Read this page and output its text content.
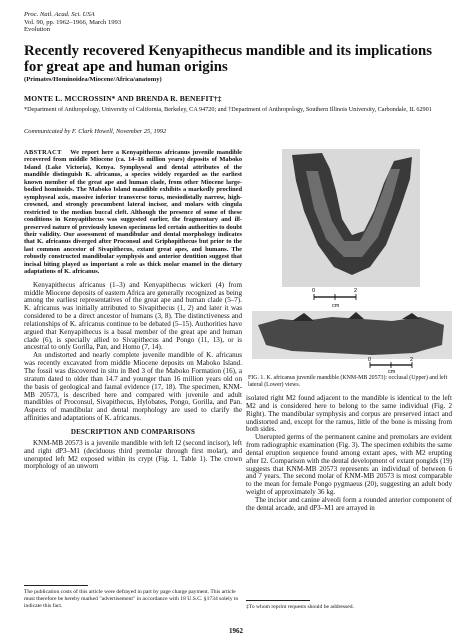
Proc. Natl. Acad. Sci. USA
Vol. 90, pp. 1962–1966, March 1993
Evolution
Recently recovered Kenyapithecus mandible and its implications for great ape and human origins
(Primates/Hominoidea/Miocene/Africa/anatomy)
MONTE L. MCCROSSIN* AND BRENDA R. BENEFIT†‡
*Department of Anthropology, University of California, Berkeley, CA 94720; and †Department of Anthropology, Southern Illinois University, Carbondale, IL 62901
Communicated by F. Clark Howell, November 25, 1992

ABSTRACT We report here a Kenyapithecus africanus juvenile mandible recovered from middle Miocene (ca. 14–16 million years) deposits of Maboko Island (Lake Victoria), Kenya. Symphyseal and dental attributes of the mandible distinguish K. africanus, a species widely regarded as the earliest known member of the great ape and human clade, from other Miocene large-bodied hominoids. The Maboko Island mandible exhibits a markedly proclined symphyseal axis, massive inferior transverse torus, mesiodistally narrow, high-crowned, and strongly procumbent lateral incisor, and molars with cingula restricted to the median buccal cleft. Although the presence of some of these conditions in Kenyapithecus was suggested earlier, the fragmentary and ill-preserved nature of previously known specimens led certain authorities to doubt their validity. Our assessment of mandibular and dental morphology indicates that K. africanus diverged after Proconsul and Griphopithecus but prior to the last common ancestor of Sivapithecus, extant great apes, and humans. The robustly constructed mandibular symphysis and anterior dentition suggest that incisal biting played as important a role as thick molar enamel in the dietary adaptations of K. africanus.

Kenyapithecus africanus (1–3) and Kenyapithecus wickeri (4) from middle Miocene deposits of eastern Africa are generally recognized as being among the earliest representatives of the great ape and human clade (5–7). K. africanus was initially attributed to Sivapithecus (1, 2) and later it was considered to be a direct ancestor of humans (3, 8). The distinctiveness and relationships of K. africanus continue to be debated (5–15). Authorities have argued that Kenyapithecus is a basal member of the great ape and human clade (6), is specially allied to Sivapithecus and Pongo (11, 13), or is ancestral to only Gorilla, Pan, and Homo (7, 14).

An undistorted and nearly complete juvenile mandible of K. africanus was recently excavated from middle Miocene deposits on Maboko Island. The fossil was discovered in situ in Bed 3 of the Maboko Formation (16), a stratum dated to older than 14.7 and younger than 16 million years old on the basis of geological and faunal evidence (17, 18). The specimen, KNM-MB 20573, is described here and compared with juvenile and adult mandibles of Proconsul, Sivapithecus, Hylobates, Pongo, Gorilla, and Pan. Aspects of mandibular and dental morphology are used to clarify the affinities and adaptations of K. africanus.

DESCRIPTION AND COMPARISONS

KNM-MB 20573 is a juvenile mandible with left I2 (second incisor), left and right dP3–M1 (deciduous third premolar through first molar), and unerupted left M2 exposed within its crypt (Fig. 1, Table 1). The crown morphology of an unworn

0	2
cm
0	2
cm
FIG. 1. K. africanus juvenile mandible (KNM-MB 20573): occlusal (Upper) and left lateral (Lower) views.

isolated right M2 found adjacent to the mandible is identical to the left M2 and is considered here to belong to the same individual (Fig. 2 Right). The mandibular symphysis and corpus are preserved intact and undistorted and, except for the ramus, little of the bone is missing from both sides.

Unerupted germs of the permanent canine and premolars are evident from radiographic examination (Fig. 3). The specimen exhibits the same dental eruption sequence found among extant apes, with M2 erupting after I2. Comparison with the dental development of extant pongids (19) suggests that KNM-MB 20573 represents an individual of between 6 and 7 years. The second molar of KNM-MB 20573 is most comparable to the mean for female Pongo pygmaeus (20), suggesting an adult body weight of approximately 36 kg.

The incisor and canine alveoli form a rounded anterior component of the dental arcade, and dP3–M1 are arrayed in

The publication costs of this article were defrayed in part by page charge payment. This article must therefore be hereby marked "advertisement" in accordance with 18 U.S.C. §1734 solely to indicate this fact.	‡To whom reprint requests should be addressed.
1962
